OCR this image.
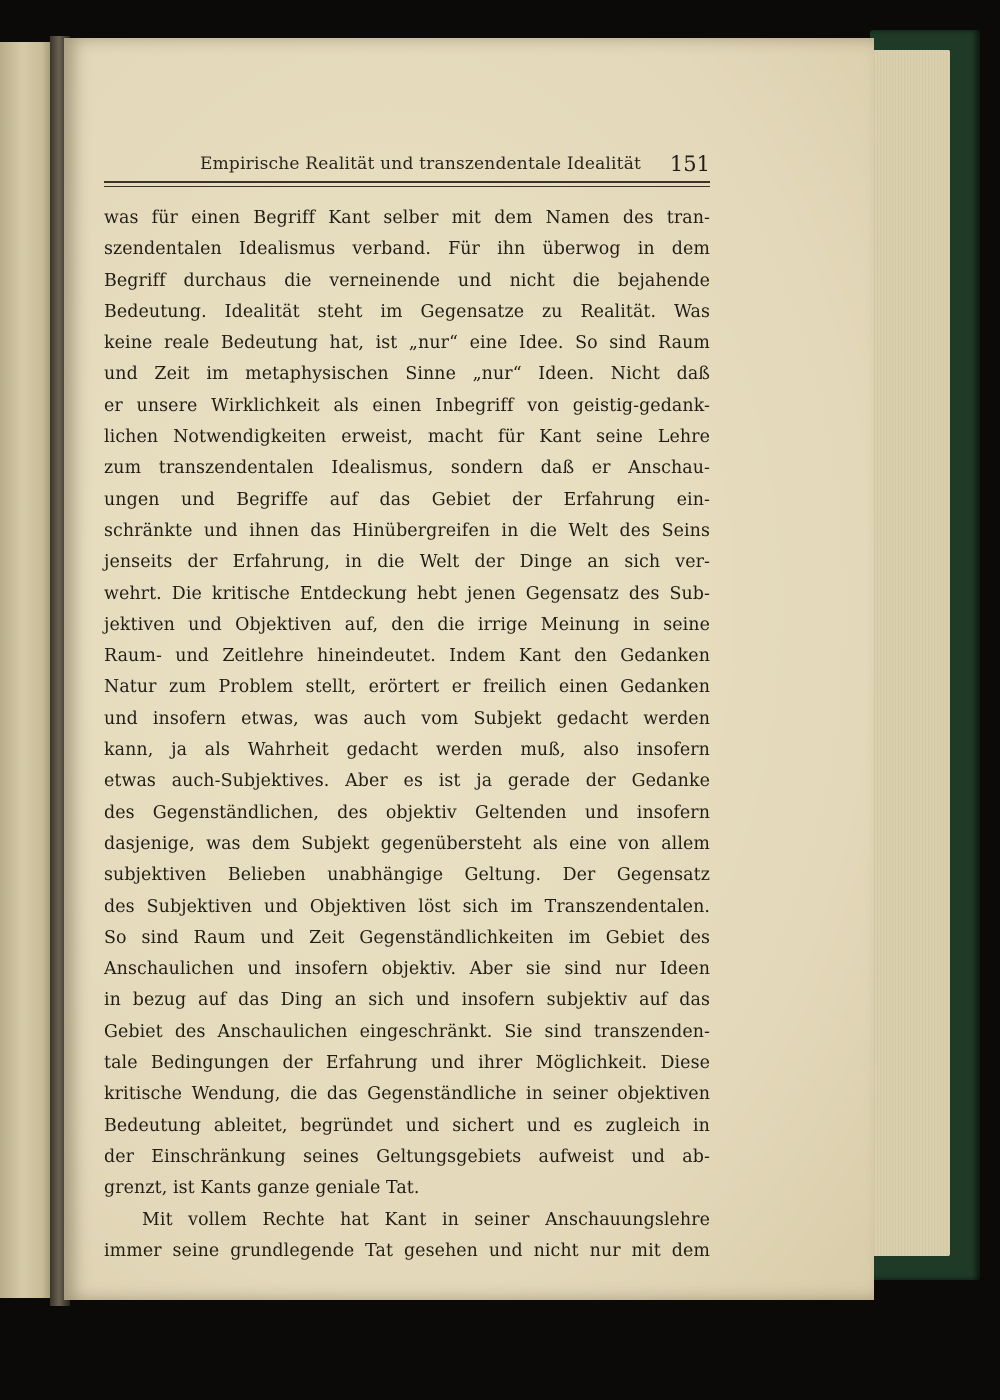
Empirische Realität und transzendentale Idealität 151
was für einen Begriff Kant selber mit dem Namen des tran-
szendentalen Idealismus verband. Für ihn überwog in dem
Begriff durchaus die verneinende und nicht die bejahende
Bedeutung. Idealität steht im Gegensatze zu Realität. Was
keine reale Bedeutung hat, ist „nur“ eine Idee. So sind Raum
und Zeit im metaphysischen Sinne „nur“ Ideen. Nicht daß
er unsere Wirklichkeit als einen Inbegriff von geistig-gedank-
lichen Notwendigkeiten erweist, macht für Kant seine Lehre
zum transzendentalen Idealismus, sondern daß er Anschau-
ungen und Begriffe auf das Gebiet der Erfahrung ein-
schränkte und ihnen das Hinübergreifen in die Welt des Seins
jenseits der Erfahrung, in die Welt der Dinge an sich ver-
wehrt. Die kritische Entdeckung hebt jenen Gegensatz des Sub-
jektiven und Objektiven auf, den die irrige Meinung in seine
Raum- und Zeitlehre hineindeutet. Indem Kant den Gedanken
Natur zum Problem stellt, erörtert er freilich einen Gedanken
und insofern etwas, was auch vom Subjekt gedacht werden
kann, ja als Wahrheit gedacht werden muß, also insofern
etwas auch-Subjektives. Aber es ist ja gerade der Gedanke
des Gegenständlichen, des objektiv Geltenden und insofern
dasjenige, was dem Subjekt gegenübersteht als eine von allem
subjektiven Belieben unabhängige Geltung. Der Gegensatz
des Subjektiven und Objektiven löst sich im Transzendentalen.
So sind Raum und Zeit Gegenständlichkeiten im Gebiet des
Anschaulichen und insofern objektiv. Aber sie sind nur Ideen
in bezug auf das Ding an sich und insofern subjektiv auf das
Gebiet des Anschaulichen eingeschränkt. Sie sind transzenden-
tale Bedingungen der Erfahrung und ihrer Möglichkeit. Diese
kritische Wendung, die das Gegenständliche in seiner objektiven
Bedeutung ableitet, begründet und sichert und es zugleich in
der Einschränkung seines Geltungsgebiets aufweist und ab-
grenzt, ist Kants ganze geniale Tat.
Mit vollem Rechte hat Kant in seiner Anschauungslehre
immer seine grundlegende Tat gesehen und nicht nur mit dem
